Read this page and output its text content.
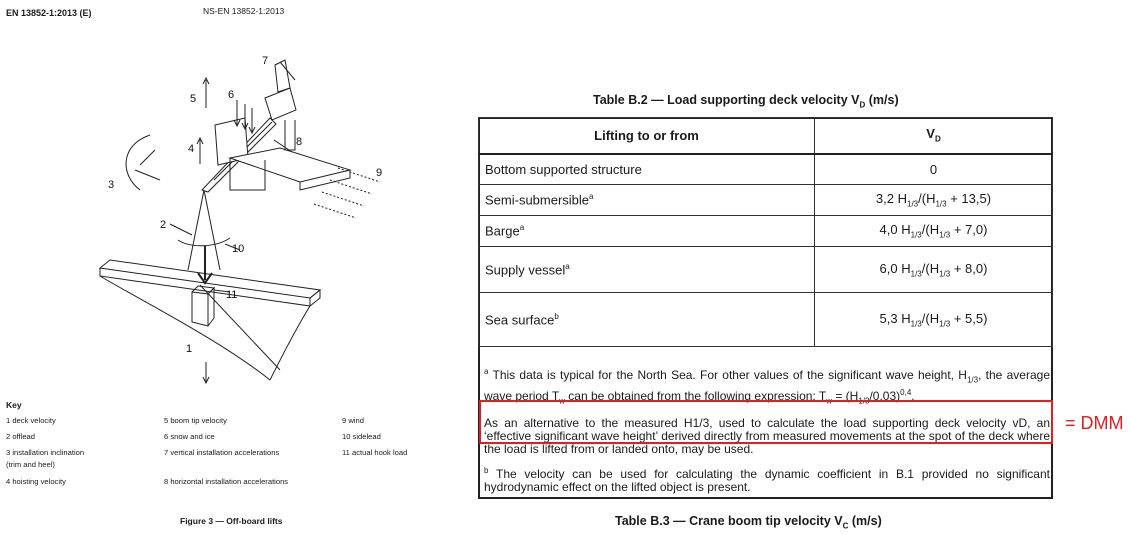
EN 13852-1:2013 (E)	NS-EN 13852-1:2013
1
2
3
4
5	6
7
8
9
10
11
Key
1 deck velocity
2 offlead
3 installation inclination
(trim and heel)
4 hoisting velocity
5 boom tip velocity
6 snow and ice
7 vertical installation accelerations
8 horizontal installation accelerations
9 wind
10 sidelead
11 actual hook load
Figure 3 — Off-board lifts
Table B.2 — Load supporting deck velocity $V_D$ (m/s)
Lifting to or from	$V_D$
Bottom supported structure	0
Semi-submersible$^a$	3,2 $H_{1/3}/(H_{1/3} + 13,5)$
Barge$^a$	4,0 $H_{1/3}/(H_{1/3} + 7,0)$
Supply vessel$^a$	6,0 $H_{1/3}/(H_{1/3} + 8,0)$
Sea surface$^b$	5,3 $H_{1/3}/(H_{1/3} + 5,5)$
$^a$ This data is typical for the North Sea. For other values of the significant wave height, $H_{1/3}$, the average wave period $T_w$ can be obtained from the following expression: $T_w = (H_{1/3}/0,03)^{0,4}$.
As an alternative to the measured H1/3, used to calculate the load supporting deck velocity vD, an ‘effective significant wave height’ derived directly from measured movements at the spot of the deck where the load is lifted from or landed onto, may be used.
$^b$ The velocity can be used for calculating the dynamic coefficient in B.1 provided no significant hydrodynamic effect on the lifted object is present.
= DMM
Table B.3 — Crane boom tip velocity $V_C$ (m/s)
